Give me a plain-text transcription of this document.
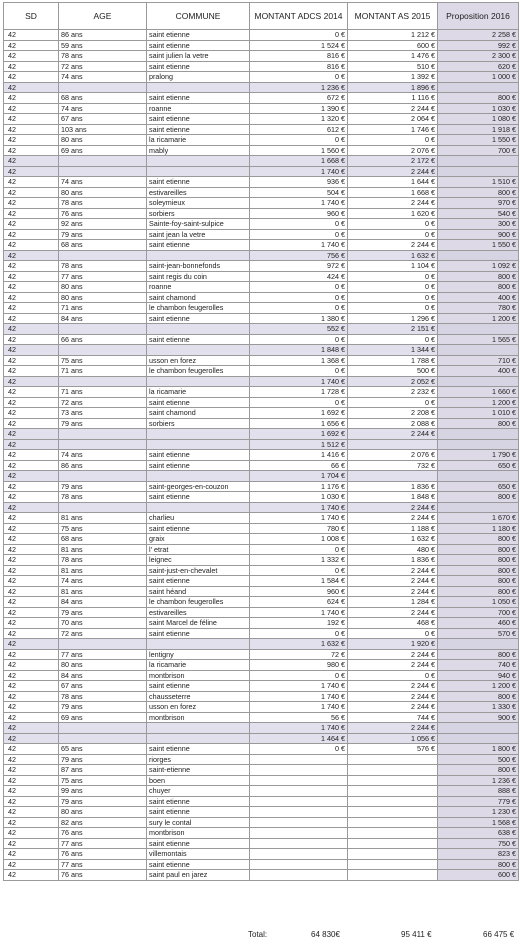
SD	AGE	COMMUNE	MONTANT ADCS 2014	MONTANT AS 2015	Proposition 2016
42	86 ans	saint etienne	0 €	1 212 €	2 258 €
42	59 ans	saint etienne	1 524 €	600 €	992 €
42	78 ans	saint julien la vetre	816 €	1 476 €	2 300 €
42	72 ans	saint etienne	816 €	510 €	620 €
42	74 ans	pralong	0 €	1 392 €	1 000 €
42			1 236 €	1 896 €	
42	68 ans	saint etienne	672 €	1 116 €	800 €
42	74 ans	roanne	1 390 €	2 244 €	1 030 €
42	67 ans	saint etienne	1 320 €	2 064 €	1 080 €
42	103 ans	saint etienne	612 €	1 746 €	1 918 €
42	80 ans	la ricamarie	0 €	0 €	1 550 €
42	69 ans	mably	1 560 €	2 076 €	700 €
42			1 668 €	2 172 €	
42			1 740 €	2 244 €	
42	74 ans	saint etienne	936 €	1 644 €	1 510 €
42	80 ans	estivareilles	504 €	1 668 €	800 €
42	78 ans	soleymieux	1 740 €	2 244 €	970 €
42	76 ans	sorbiers	960 €	1 620 €	540 €
42	92 ans	Sainte-foy-saint-sulpice	0 €	0 €	300 €
42	79 ans	saint jean la vetre	0 €	0 €	900 €
42	68 ans	saint etienne	1 740 €	2 244 €	1 550 €
42			756 €	1 632 €	
42	78 ans	saint-jean-bonnefonds	972 €	1 104 €	1 092 €
42	77 ans	saint regis du coin	424 €	0 €	800 €
42	80 ans	roanne	0 €	0 €	800 €
42	80 ans	saint chamond	0 €	0 €	400 €
42	71 ans	le chambon feugerolles	0 €	0 €	780 €
42	84 ans	saint etienne	1 380 €	1 296 €	1 200 €
42			552 €	2 151 €	
42	66 ans	saint etienne	0 €	0 €	1 565 €
42			1 848 €	1 344 €	
42	75 ans	usson en forez	1 368 €	1 788 €	710 €
42	71 ans	le chambon feugerolles	0 €	500 €	400 €
42			1 740 €	2 052 €	
42	71 ans	la ricamarie	1 728 €	2 232 €	1 660 €
42	72 ans	saint etienne	0 €	0 €	1 200 €
42	73 ans	saint chamond	1 692 €	2 208 €	1 010 €
42	79 ans	sorbiers	1 656 €	2 088 €	800 €
42			1 692 €	2 244 €	
42			1 512 €		
42	74 ans	saint etienne	1 416 €	2 076 €	1 790 €
42	86 ans	saint etienne	66 €	732 €	650 €
42			1 704 €		
42	79 ans	saint-georges-en-couzon	1 176 €	1 836 €	650 €
42	78 ans	saint etienne	1 030 €	1 848 €	800 €
42			1 740 €	2 244 €	
42	81 ans	charlieu	1 740 €	2 244 €	1 670 €
42	75 ans	saint etienne	780 €	1 188 €	1 180 €
42	68 ans	graix	1 008 €	1 632 €	800 €
42	81 ans	l' etrat	0 €	480 €	800 €
42	78 ans	leignec	1 332 €	1 836 €	800 €
42	81 ans	saint-just-en-chevalet	0 €	2 244 €	800 €
42	74 ans	saint etienne	1 584 €	2 244 €	800 €
42	81 ans	saint héand	960 €	2 244 €	800 €
42	84 ans	le chambon feugerolles	624 €	1 284 €	1 050 €
42	79 ans	estivareilles	1 740 €	2 244 €	700 €
42	70 ans	saint Marcel de féline	192 €	468 €	460 €
42	72 ans	saint etienne	0 €	0 €	570 €
42			1 632 €	1 920 €	
42	77 ans	lentigny	72 €	2 244 €	800 €
42	80 ans	la ricamarie	980 €	2 244 €	740 €
42	84 ans	montbrison	0 €	0 €	940 €
42	67 ans	saint etienne	1 740 €	2 244 €	1 200 €
42	78 ans	chausseterre	1 740 €	2 244 €	800 €
42	79 ans	usson en forez	1 740 €	2 244 €	1 330 €
42	69 ans	montbrison	56 €	744 €	900 €
42			1 740 €	2 244 €	
42			1 464 €	1 056 €	
42	65 ans	saint etienne	0 €	576 €	1 800 €
42	79 ans	riorges			500 €
42	87 ans	saint-etienne			800 €
42	75 ans	boen			1 236 €
42	99 ans	chuyer			888 €
42	79 ans	saint etienne			779 €
42	80 ans	saint etienne			1 230 €
42	82 ans	sury le contal			1 568 €
42	76 ans	montbrison			638 €
42	77 ans	saint etienne			750 €
42	76 ans	villemontais			823 €
42	77 ans	saint etienne			800 €
42	76 ans	saint paul en jarez			600 €
Total:	64 830€	95 411 €	66 475 €
